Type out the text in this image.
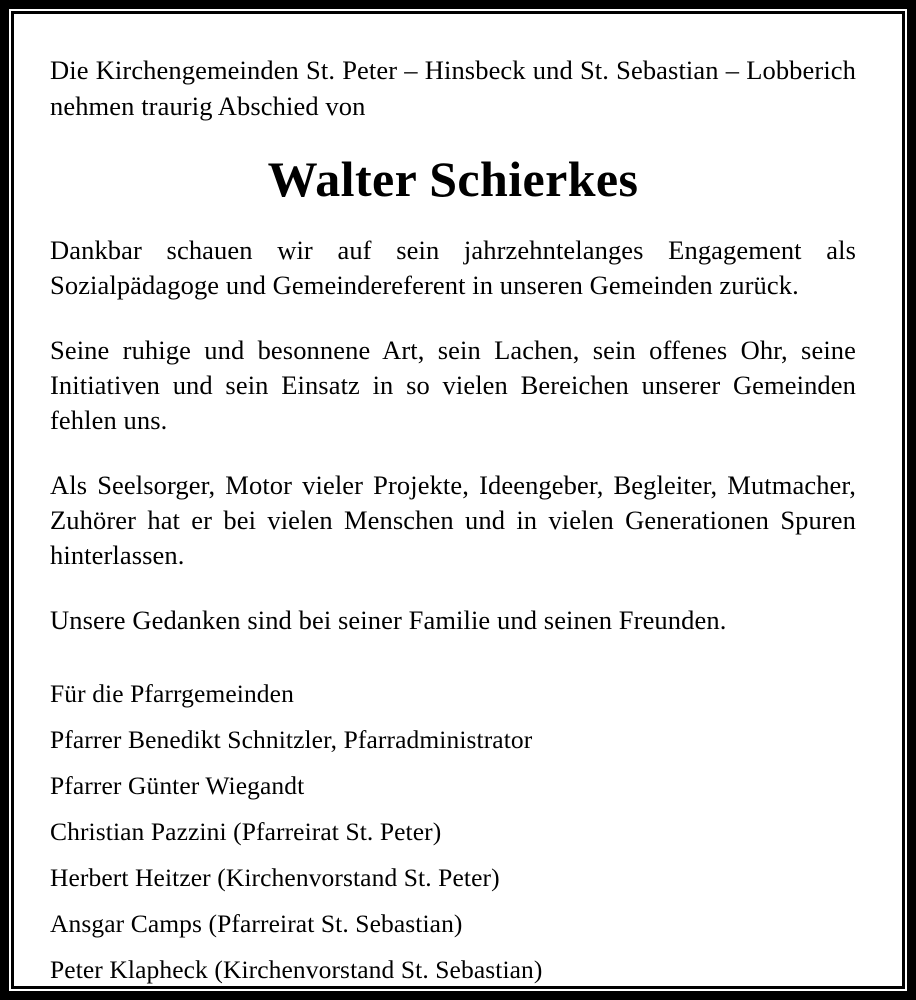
Die Kirchengemeinden St. Peter – Hinsbeck und St. Sebastian – Lobberich nehmen traurig Abschied von

Walter Schierkes

Dankbar schauen wir auf sein jahrzehntelanges Engagement als Sozialpädagoge und Gemeindereferent in unseren Gemeinden zurück.

Seine ruhige und besonnene Art, sein Lachen, sein offenes Ohr, seine Initiativen und sein Einsatz in so vielen Bereichen unserer Gemeinden fehlen uns.

Als Seelsorger, Motor vieler Projekte, Ideengeber, Begleiter, Mutmacher, Zuhörer hat er bei vielen Menschen und in vielen Generationen Spuren hinterlassen.

Unsere Gedanken sind bei seiner Familie und seinen Freunden.

Für die Pfarrgemeinden
Pfarrer Benedikt Schnitzler, Pfarradministrator
Pfarrer Günter Wiegandt
Christian Pazzini (Pfarreirat St. Peter)
Herbert Heitzer (Kirchenvorstand St. Peter)
Ansgar Camps (Pfarreirat St. Sebastian)
Peter Klapheck (Kirchenvorstand St. Sebastian)
